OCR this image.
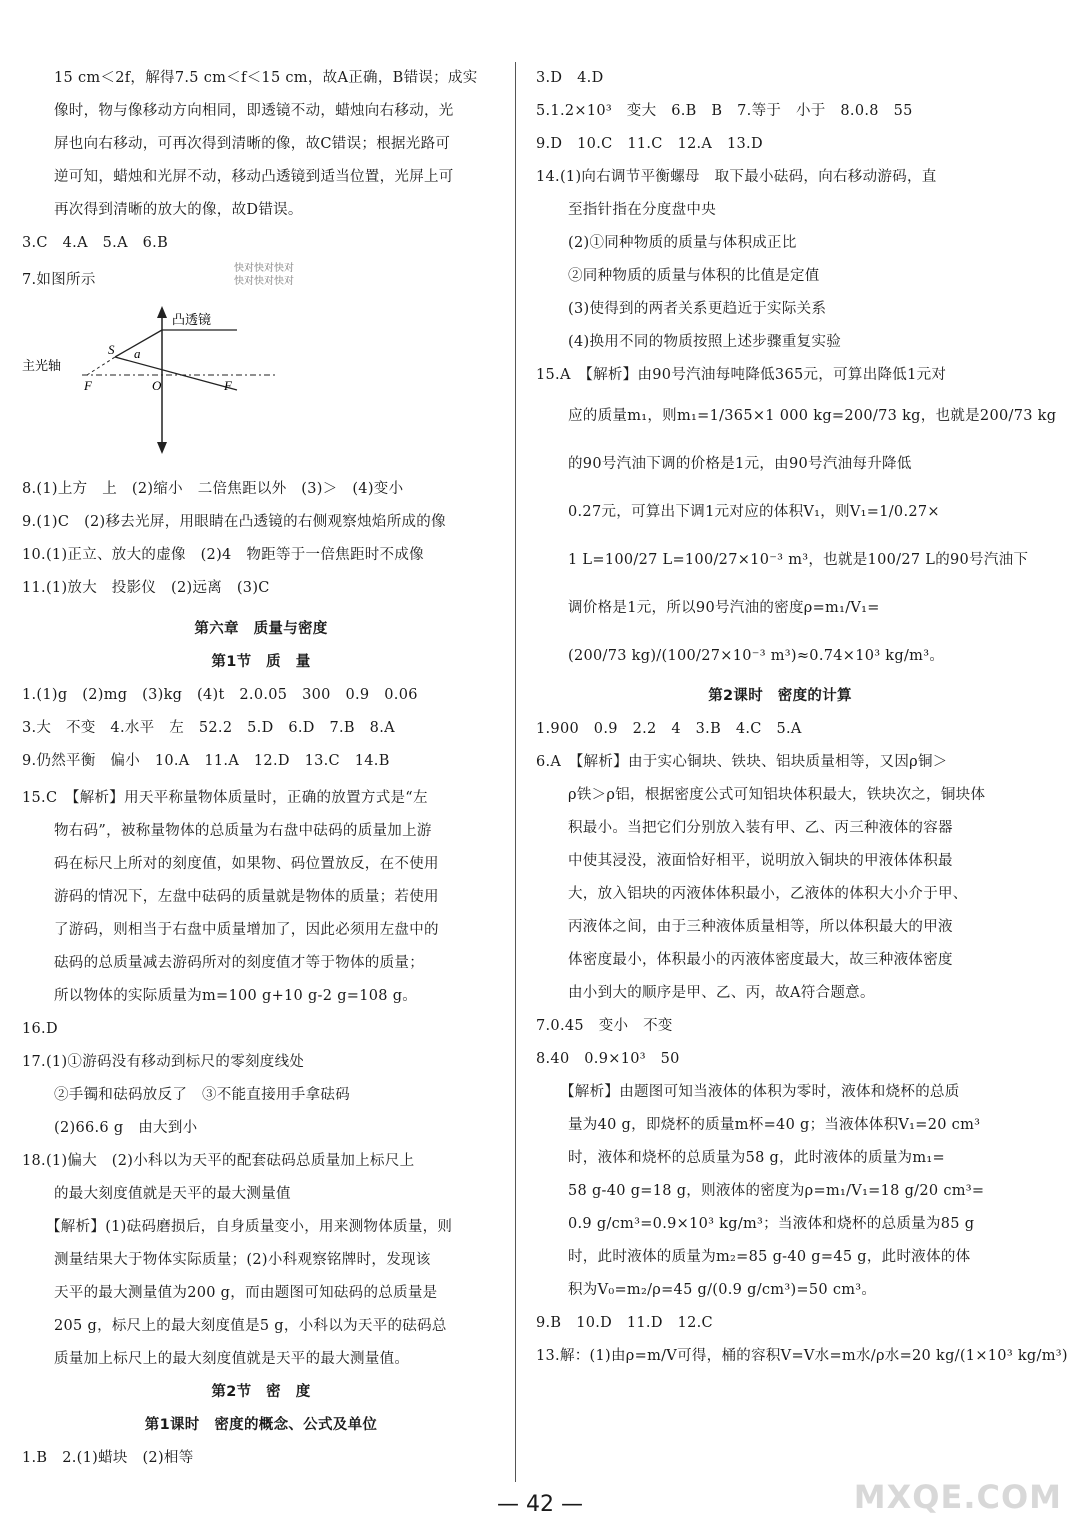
15 cm＜2f，解得7.5 cm＜f＜15 cm，故A正确，B错误；成实

像时，物与像移动方向相同，即透镜不动，蜡烛向右移动，光

屏也向右移动，可再次得到清晰的像，故C错误；根据光路可

逆可知，蜡烛和光屏不动，移动凸透镜到适当位置，光屏上可

再次得到清晰的放大的像，故D错误。

3.C　4.A　5.A　6.B

7.如图所示

8.(1)上方　上　(2)缩小　二倍焦距以外　(3)＞　(4)变小

9.(1)C　(2)移去光屏，用眼睛在凸透镜的右侧观察烛焰所成的像

10.(1)正立、放大的虚像　(2)4　物距等于一倍焦距时不成像

11.(1)放大　投影仪　(2)远离　(3)C

第六章　质量与密度

第1节　质　量

1.(1)g　(2)mg　(3)kg　(4)t　2.0.05　300　0.9　0.06

3.大　不变　4.水平　左　52.2　5.D　6.D　7.B　8.A

9.仍然平衡　偏小　10.A　11.A　12.D　13.C　14.B

15.C　【解析】用天平称量物体质量时，正确的放置方式是“左

物右码”，被称量物体的总质量为右盘中砝码的质量加上游

码在标尺上所对的刻度值，如果物、码位置放反，在不使用

游码的情况下，左盘中砝码的质量就是物体的质量；若使用

了游码，则相当于右盘中质量增加了，因此必须用左盘中的

砝码的总质量减去游码所对的刻度值才等于物体的质量；

所以物体的实际质量为m=100 g+10 g-2 g=108 g。

16.D

17.(1)①游码没有移动到标尺的零刻度线处

②手镯和砝码放反了　③不能直接用手拿砝码

(2)66.6 g　由大到小

18.(1)偏大　(2)小科以为天平的配套砝码总质量加上标尺上

的最大刻度值就是天平的最大测量值

【解析】(1)砝码磨损后，自身质量变小，用来测物体质量，则

测量结果大于物体实际质量；(2)小科观察铭牌时，发现该

天平的最大测量值为200 g，而由题图可知砝码的总质量是

205 g，标尺上的最大刻度值是5 g，小科以为天平的砝码总

质量加上标尺上的最大刻度值就是天平的最大测量值。

第2节　密　度

第1课时　密度的概念、公式及单位

1.B　2.(1)蜡块　(2)相等

3.D　4.D

5.1.2×10³　变大　6.B　B　7.等于　小于　8.0.8　55

9.D　10.C　11.C　12.A　13.D

14.(1)向右调节平衡螺母　取下最小砝码，向右移动游码，直

至指针指在分度盘中央

(2)①同种物质的质量与体积成正比

②同种物质的质量与体积的比值是定值

(3)使得到的两者关系更趋近于实际关系

(4)换用不同的物质按照上述步骤重复实验

15.A　【解析】由90号汽油每吨降低365元，可算出降低1元对

应的质量m₁，则m₁=1/365×1 000 kg=200/73 kg，也就是200/73 kg

的90号汽油下调的价格是1元，由90号汽油每升降低

0.27元，可算出下调1元对应的体积V₁，则V₁=1/0.27×

1 L=100/27 L=100/27×10⁻³ m³，也就是100/27 L的90号汽油下

调价格是1元，所以90号汽油的密度ρ=m₁/V₁=

(200/73 kg)/(100/27×10⁻³ m³)≈0.74×10³ kg/m³。

第2课时　密度的计算

1.900　0.9　2.2　4　3.B　4.C　5.A

6.A　【解析】由于实心铜块、铁块、铝块质量相等，又因ρ铜＞

ρ铁＞ρ铝，根据密度公式可知铝块体积最大，铁块次之，铜块体

积最小。当把它们分别放入装有甲、乙、丙三种液体的容器

中使其浸没，液面恰好相平，说明放入铜块的甲液体体积最

大，放入铝块的丙液体体积最小，乙液体的体积大小介于甲、

丙液体之间，由于三种液体质量相等，所以体积最大的甲液

体密度最小，体积最小的丙液体密度最大，故三种液体密度

由小到大的顺序是甲、乙、丙，故A符合题意。

7.0.45　变小　不变

8.40　0.9×10³　50

【解析】由题图可知当液体的体积为零时，液体和烧杯的总质

量为40 g，即烧杯的质量m杯=40 g；当液体体积V₁=20 cm³

时，液体和烧杯的总质量为58 g，此时液体的质量为m₁=

58 g-40 g=18 g，则液体的密度为ρ=m₁/V₁=18 g/20 cm³=

0.9 g/cm³=0.9×10³ kg/m³；当液体和烧杯的总质量为85 g

时，此时液体的质量为m₂=85 g-40 g=45 g，此时液体的体

积为V₀=m₂/ρ=45 g/(0.9 g/cm³)=50 cm³。

9.B　10.D　11.D　12.C

13.解：(1)由ρ=m/V可得，桶的容积V=V水=m水/ρ水=20 kg/(1×10³ kg/m³)

凸透镜
主光轴
S a
F	O	F
快对快对快对
快对快对快对
MXQE.COM
— 42 —
